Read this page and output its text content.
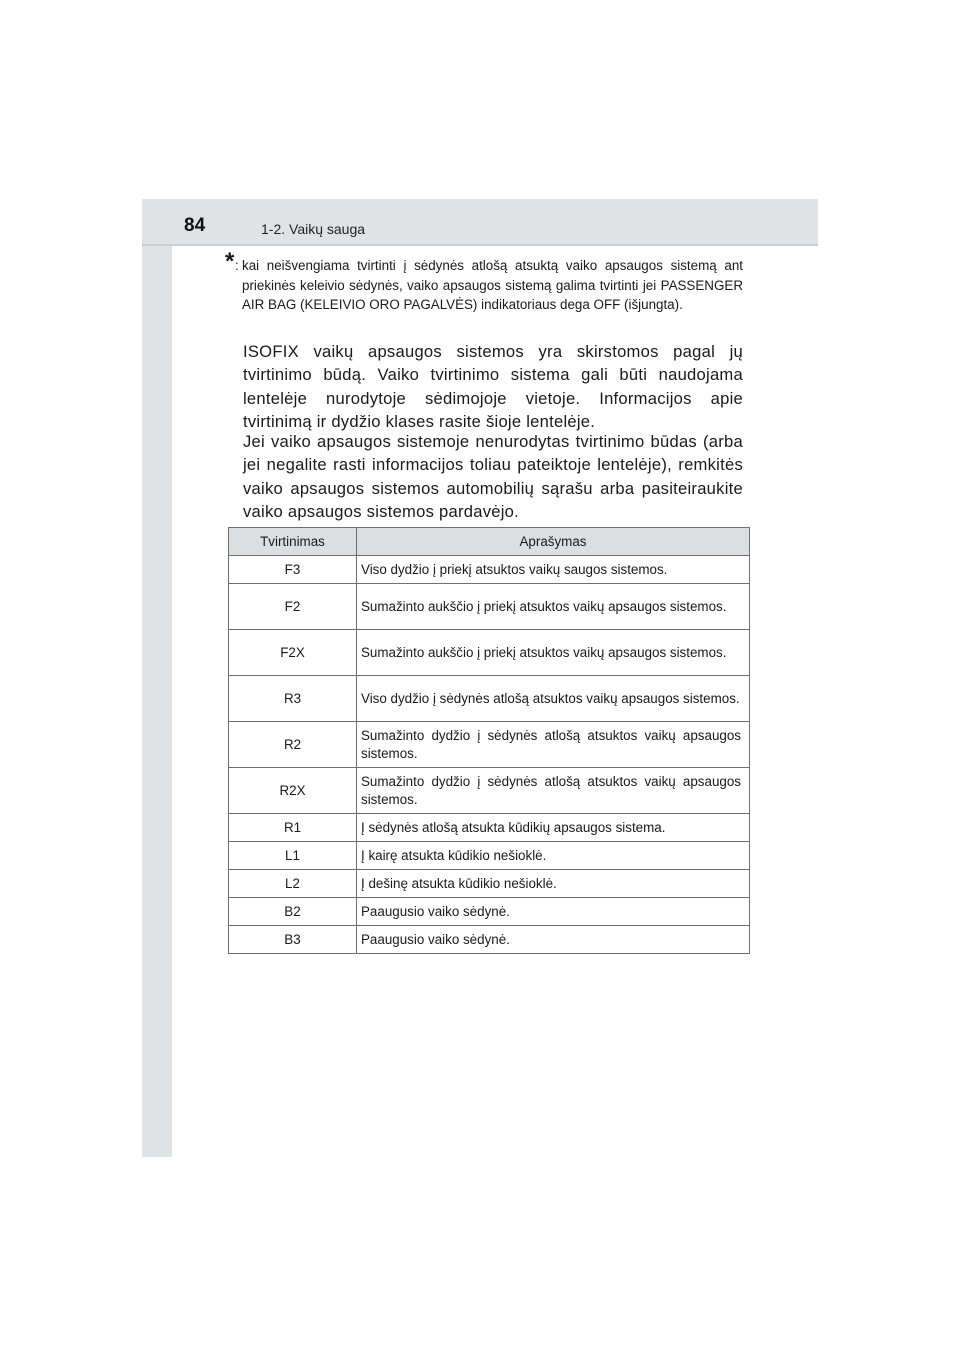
84	1-2. Vaikų sauga
* : kai neišvengiama tvirtinti į sėdynės atlošą atsuktą vaiko apsaugos sistemą ant priekinės keleivio sėdynės, vaiko apsaugos sistemą galima tvirtinti jei PASSENGER AIR BAG (KELEIVIO ORO PAGALVĖS) indikatoriaus dega OFF (išjungta).
ISOFIX vaikų apsaugos sistemos yra skirstomos pagal jų tvirtinimo būdą. Vaiko tvirtinimo sistema gali būti naudojama lentelėje nurodytoje sėdimojoje vietoje. Informacijos apie tvirtinimą ir dydžio klases rasite šioje lentelėje.
Jei vaiko apsaugos sistemoje nenurodytas tvirtinimo būdas (arba jei negalite rasti informacijos toliau pateiktoje lentelėje), remkitės vaiko apsaugos sistemos automobilių sąrašu arba pasiteiraukite vaiko apsaugos sistemos pardavėjo.
Tvirtinimas	Aprašymas
F3	Viso dydžio į priekį atsuktos vaikų saugos sistemos.
F2	Sumažinto aukščio į priekį atsuktos vaikų apsaugos sistemos.
F2X	Sumažinto aukščio į priekį atsuktos vaikų apsaugos sistemos.
R3	Viso dydžio į sėdynės atlošą atsuktos vaikų apsaugos sistemos.
R2	Sumažinto dydžio į sėdynės atlošą atsuktos vaikų apsaugos sistemos.
R2X	Sumažinto dydžio į sėdynės atlošą atsuktos vaikų apsaugos sistemos.
R1	Į sėdynės atlošą atsukta kūdikių apsaugos sistema.
L1	Į kairę atsukta kūdikio nešioklė.
L2	Į dešinę atsukta kūdikio nešioklė.
B2	Paaugusio vaiko sėdynė.
B3	Paaugusio vaiko sėdynė.
